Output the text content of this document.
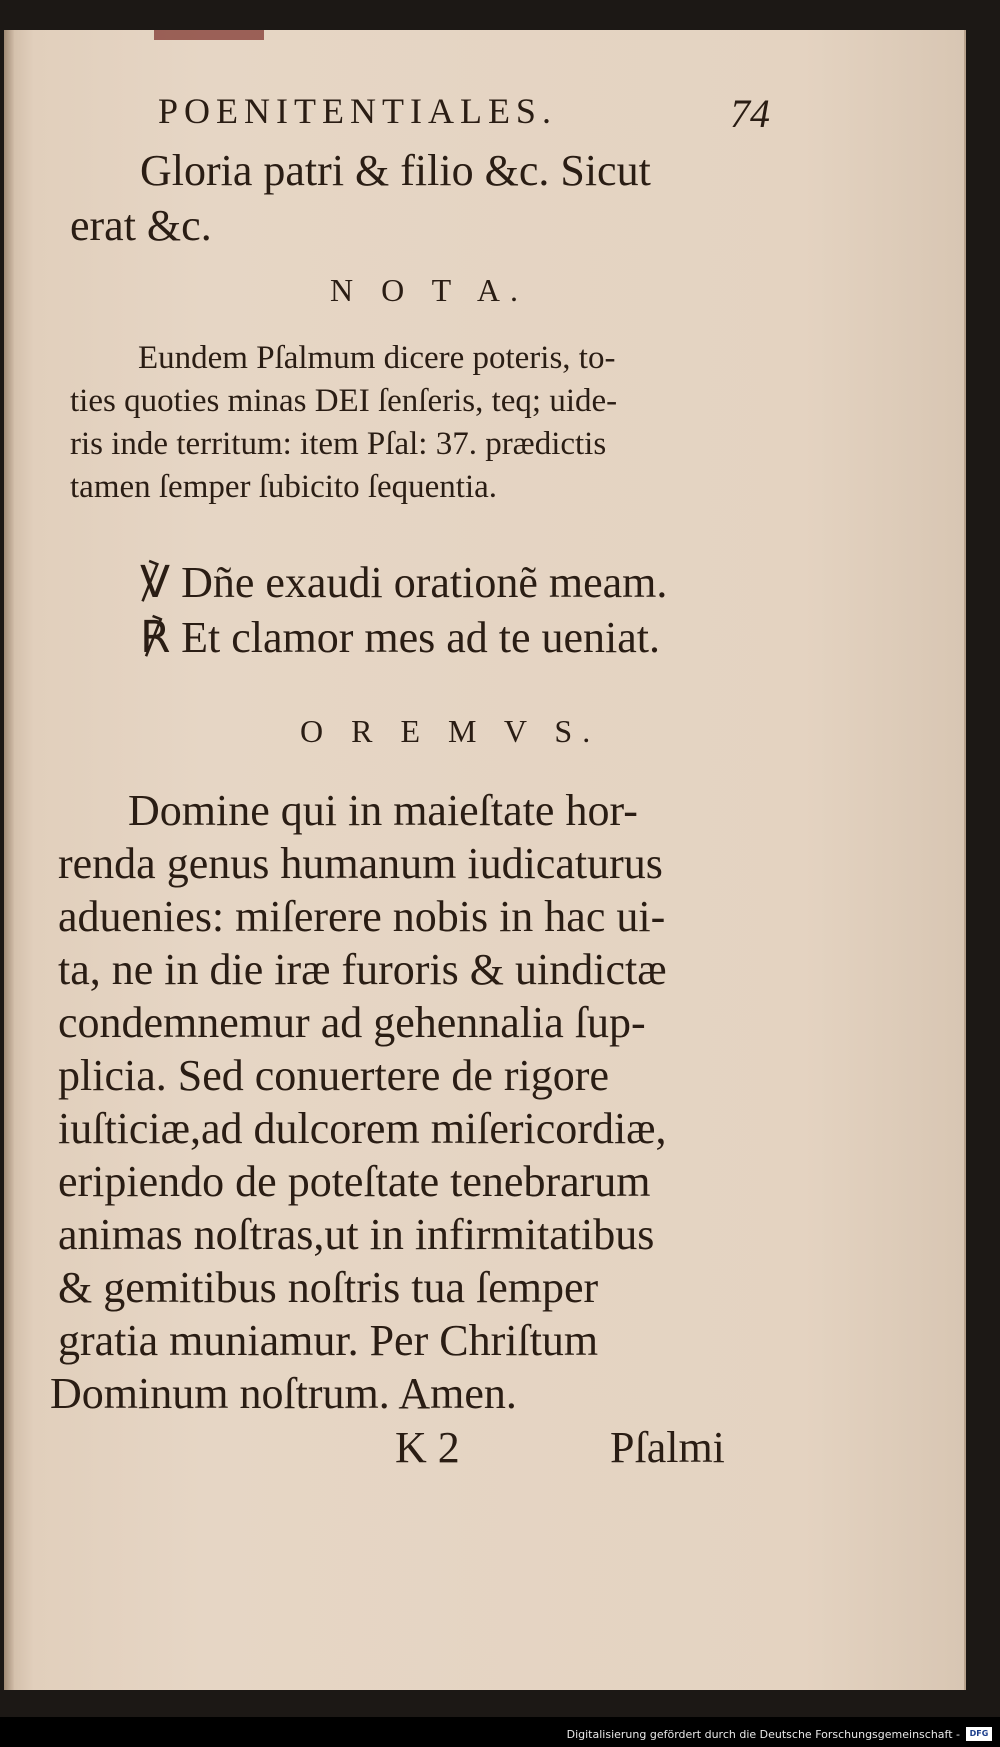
POENITENTIALES.	74
Gloria patri & filio &c. Sicut
erat &c.
N O T A.
Eundem Pſalmum dicere poteris, to-
ties quoties minas DEI ſenſeris, teq; uide-
ris inde territum: item Pſal: 37. prædictis
tamen ſemper ſubicito ſequentia.
℣ Dñe exaudi orationẽ meam.
℟ Et clamor mes ad te ueniat.
O R E M V S.
Domine qui in maieſtate hor-
renda genus humanum iudicaturus
aduenies: miſerere nobis in hac ui-
ta, ne in die iræ furoris & uindictæ
condemnemur ad gehennalia ſup-
plicia. Sed conuertere de rigore
iuſticiæ,ad dulcorem miſericordiæ,
eripiendo de poteſtate tenebrarum
animas noſtras,ut in infirmitatibus
& gemitibus noſtris tua ſemper
gratia muniamur. Per Chriſtum
Dominum noſtrum. Amen.
K 2	Pſalmi
Digitalisierung gefördert durch die Deutsche Forschungsgemeinschaft -	DFG
